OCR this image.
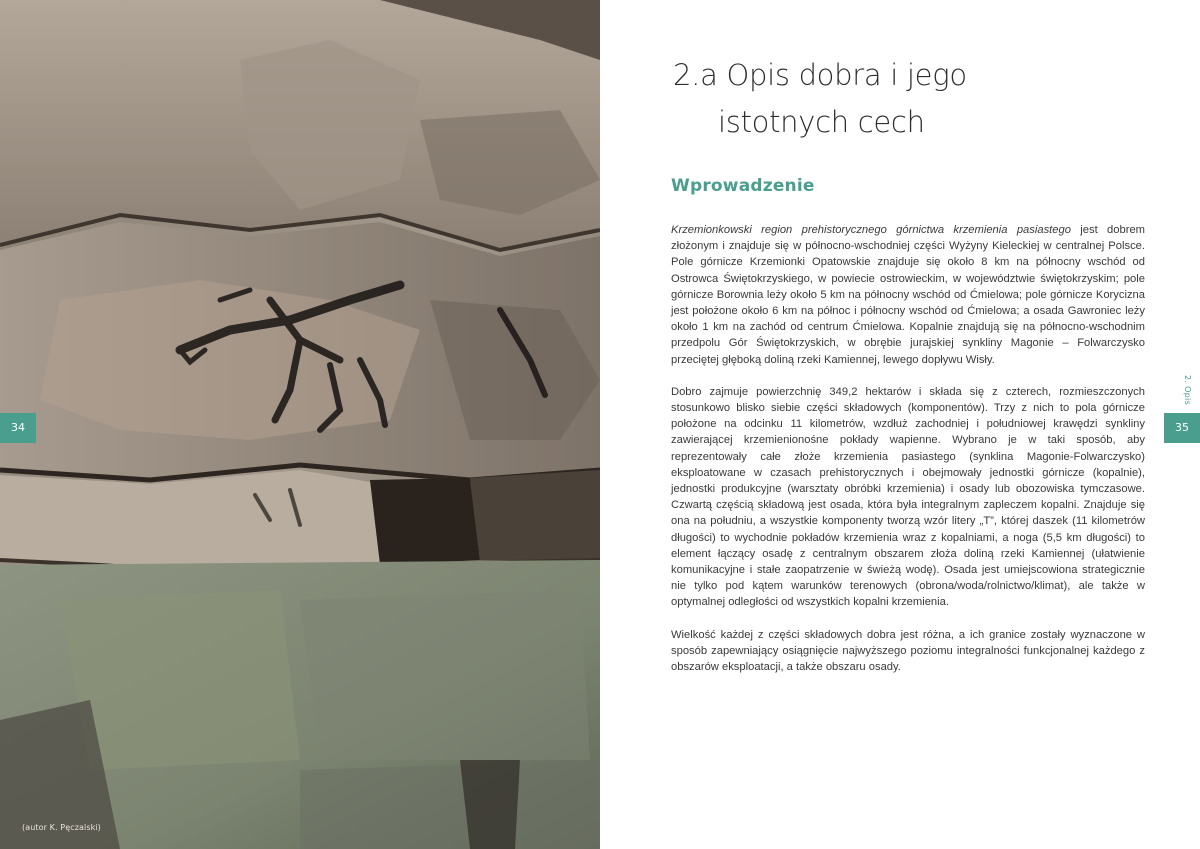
(autor K. Pęczalski)
34
2.a Opis dobra i jego
istotnych cech
Wprowadzenie

Krzemionkowski region prehistorycznego górnictwa krzemienia pasiastego jest dobrem złożonym i znajduje się w północno-wschodniej części Wyżyny Kieleckiej w centralnej Polsce. Pole górnicze Krzemionki Opatowskie znajduje się około 8 km na północny wschód od Ostrowca Świętokrzyskiego, w powiecie ostrowieckim, w województwie świętokrzyskim; pole górnicze Borownia leży około 5 km na północny wschód od Ćmielowa; pole górnicze Korycizna jest położone około 6 km na północ i północny wschód od Ćmielowa; a osada Gawroniec leży około 1 km na zachód od centrum Ćmielowa. Kopalnie znajdują się na północno-wschodnim przedpolu Gór Świętokrzyskich, w obrębie jurajskiej synkliny Magonie – Folwarczysko przeciętej głęboką doliną rzeki Kamiennej, lewego dopływu Wisły.

Dobro zajmuje powierzchnię 349,2 hektarów i składa się z czterech, rozmieszczonych stosunkowo blisko siebie części składowych (komponentów). Trzy z nich to pola górnicze położone na odcinku 11 kilometrów, wzdłuż zachodniej i południowej krawędzi synkliny zawierającej krzemienionośne pokłady wapienne. Wybrano je w taki sposób, aby reprezentowały całe złoże krzemienia pasiastego (synklina Magonie-Folwarczysko) eksploatowane w czasach prehistorycznych i obejmowały jednostki górnicze (kopalnie), jednostki produkcyjne (warsztaty obróbki krzemienia) i osady lub obozowiska tymczasowe. Czwartą częścią składową jest osada, która była integralnym zapleczem kopalni. Znajduje się ona na południu, a wszystkie komponenty tworzą wzór litery „T”, której daszek (11 kilometrów długości) to wychodnie pokładów krzemienia wraz z kopalniami, a noga (5,5 km długości) to element łączący osadę z centralnym obszarem złoża doliną rzeki Kamiennej (ułatwienie komunikacyjne i stałe zaopatrzenie w świeżą wodę). Osada jest umiejscowiona strategicznie nie tylko pod kątem warunków terenowych (obrona/woda/rolnictwo/klimat), ale także w optymalnej odległości od wszystkich kopalni krzemienia.

Wielkość każdej z części składowych dobra jest różna, a ich granice zostały wyznaczone w sposób zapewniający osiągnięcie najwyższego poziomu integralności funkcjonalnej każdego z obszarów eksploatacji, a także obszaru osady.

2. Opis
35
